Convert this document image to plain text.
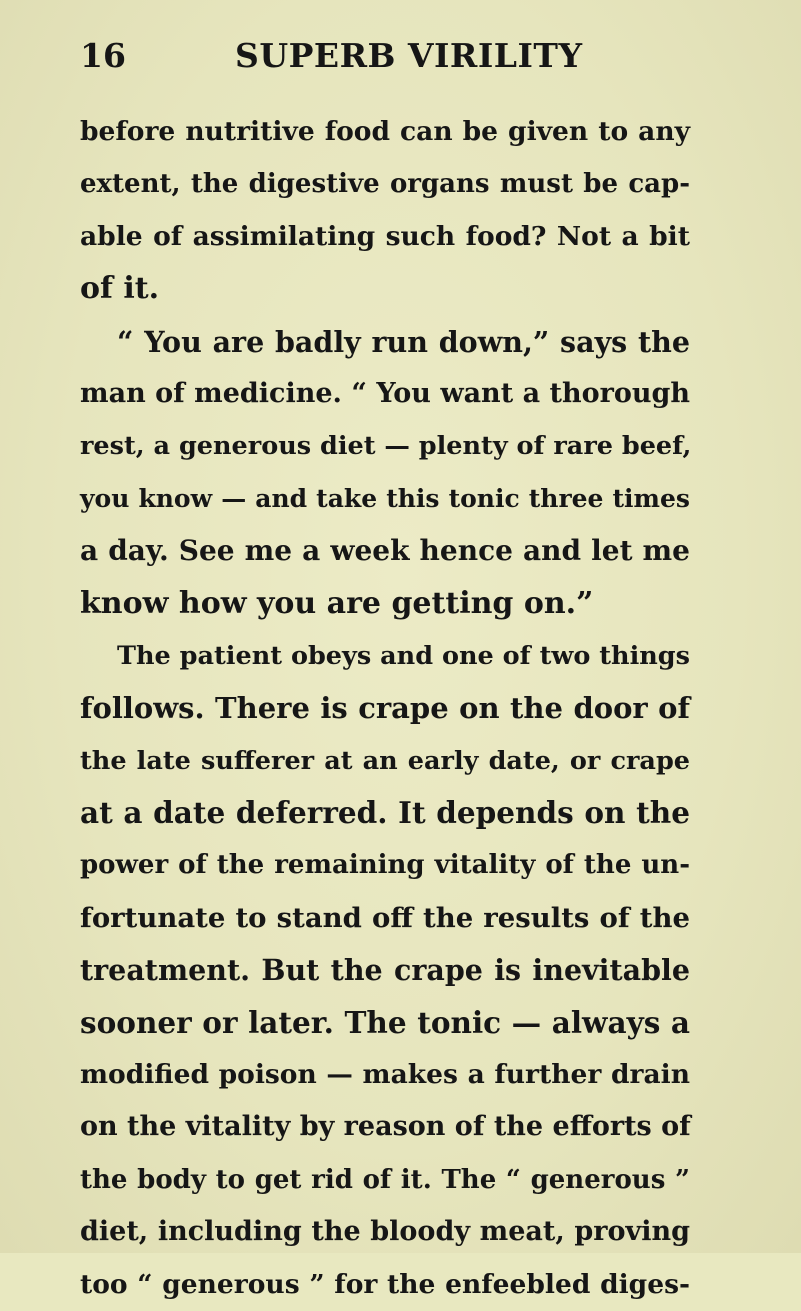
16	SUPERB VIRILITY
before nutritive food can be given to any
extent, the digestive organs must be cap-
able of assimilating such food? Not a bit
of it.
“ You are badly run down,” says the
man of medicine. “ You want a thorough
rest, a generous diet — plenty of rare beef,
you know — and take this tonic three times
a day. See me a week hence and let me
know how you are getting on.”
The patient obeys and one of two things
follows. There is crape on the door of
the late sufferer at an early date, or crape
at a date deferred. It depends on the
power of the remaining vitality of the un-
fortunate to stand off the results of the
treatment. But the crape is inevitable
sooner or later. The tonic — always a
modified poison — makes a further drain
on the vitality by reason of the efforts of
the body to get rid of it. The “ generous ”
diet, including the bloody meat, proving
too “ generous ” for the enfeebled diges-
